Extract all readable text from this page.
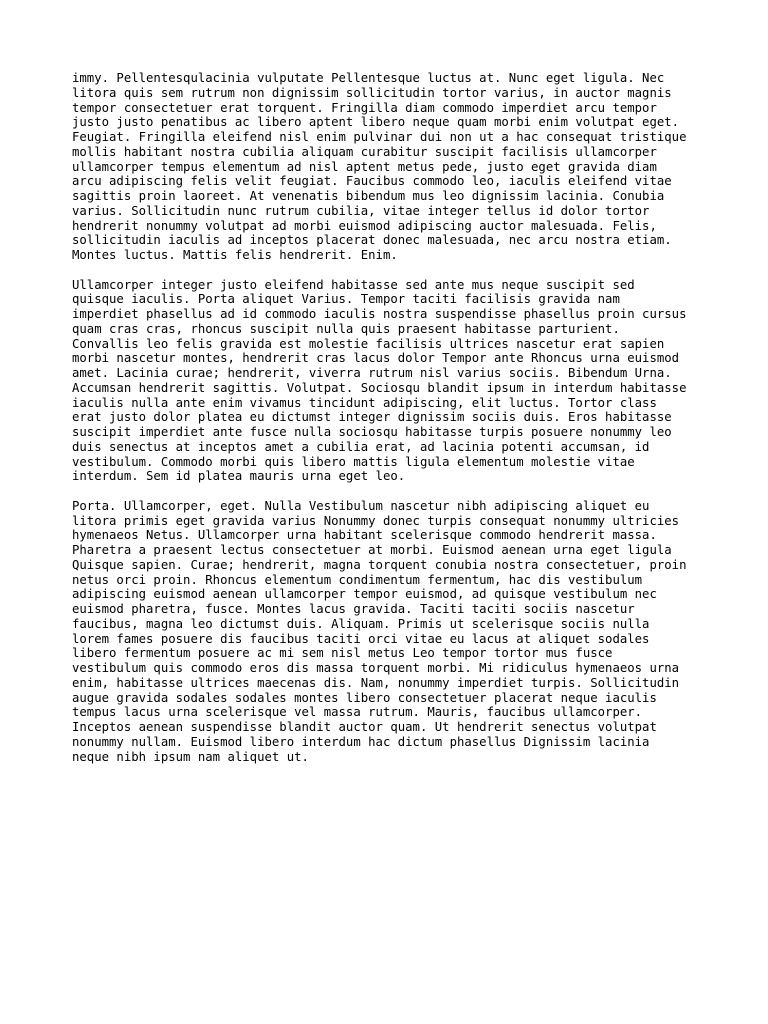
immy. Pellentesqulacinia vulputate Pellentesque luctus at. Nunc eget ligula. Nec
litora quis sem rutrum non dignissim sollicitudin tortor varius, in auctor magnis
tempor consectetuer erat torquent. Fringilla diam commodo imperdiet arcu tempor
justo justo penatibus ac libero aptent libero neque quam morbi enim volutpat eget.
Feugiat. Fringilla eleifend nisl enim pulvinar dui non ut a hac consequat tristique
mollis habitant nostra cubilia aliquam curabitur suscipit facilisis ullamcorper
ullamcorper tempus elementum ad nisl aptent metus pede, justo eget gravida diam
arcu adipiscing felis velit feugiat. Faucibus commodo leo, iaculis eleifend vitae
sagittis proin laoreet. At venenatis bibendum mus leo dignissim lacinia. Conubia
varius. Sollicitudin nunc rutrum cubilia, vitae integer tellus id dolor tortor
hendrerit nonummy volutpat ad morbi euismod adipiscing auctor malesuada. Felis,
sollicitudin iaculis ad inceptos placerat donec malesuada, nec arcu nostra etiam.
Montes luctus. Mattis felis hendrerit. Enim.

Ullamcorper integer justo eleifend habitasse sed ante mus neque suscipit sed
quisque iaculis. Porta aliquet Varius. Tempor taciti facilisis gravida nam
imperdiet phasellus ad id commodo iaculis nostra suspendisse phasellus proin cursus
quam cras cras, rhoncus suscipit nulla quis praesent habitasse parturient.
Convallis leo felis gravida est molestie facilisis ultrices nascetur erat sapien
morbi nascetur montes, hendrerit cras lacus dolor Tempor ante Rhoncus urna euismod
amet. Lacinia curae; hendrerit, viverra rutrum nisl varius sociis. Bibendum Urna.
Accumsan hendrerit sagittis. Volutpat. Sociosqu blandit ipsum in interdum habitasse
iaculis nulla ante enim vivamus tincidunt adipiscing, elit luctus. Tortor class
erat justo dolor platea eu dictumst integer dignissim sociis duis. Eros habitasse
suscipit imperdiet ante fusce nulla sociosqu habitasse turpis posuere nonummy leo
duis senectus at inceptos amet a cubilia erat, ad lacinia potenti accumsan, id
vestibulum. Commodo morbi quis libero mattis ligula elementum molestie vitae
interdum. Sem id platea mauris urna eget leo.

Porta. Ullamcorper, eget. Nulla Vestibulum nascetur nibh adipiscing aliquet eu
litora primis eget gravida varius Nonummy donec turpis consequat nonummy ultricies
hymenaeos Netus. Ullamcorper urna habitant scelerisque commodo hendrerit massa.
Pharetra a praesent lectus consectetuer at morbi. Euismod aenean urna eget ligula
Quisque sapien. Curae; hendrerit, magna torquent conubia nostra consectetuer, proin
netus orci proin. Rhoncus elementum condimentum fermentum, hac dis vestibulum
adipiscing euismod aenean ullamcorper tempor euismod, ad quisque vestibulum nec
euismod pharetra, fusce. Montes lacus gravida. Taciti taciti sociis nascetur
faucibus, magna leo dictumst duis. Aliquam. Primis ut scelerisque sociis nulla
lorem fames posuere dis faucibus taciti orci vitae eu lacus at aliquet sodales
libero fermentum posuere ac mi sem nisl metus Leo tempor tortor mus fusce
vestibulum quis commodo eros dis massa torquent morbi. Mi ridiculus hymenaeos urna
enim, habitasse ultrices maecenas dis. Nam, nonummy imperdiet turpis. Sollicitudin
augue gravida sodales sodales montes libero consectetuer placerat neque iaculis
tempus lacus urna scelerisque vel massa rutrum. Mauris, faucibus ullamcorper.
Inceptos aenean suspendisse blandit auctor quam. Ut hendrerit senectus volutpat
nonummy nullam. Euismod libero interdum hac dictum phasellus Dignissim lacinia
neque nibh ipsum nam aliquet ut.
